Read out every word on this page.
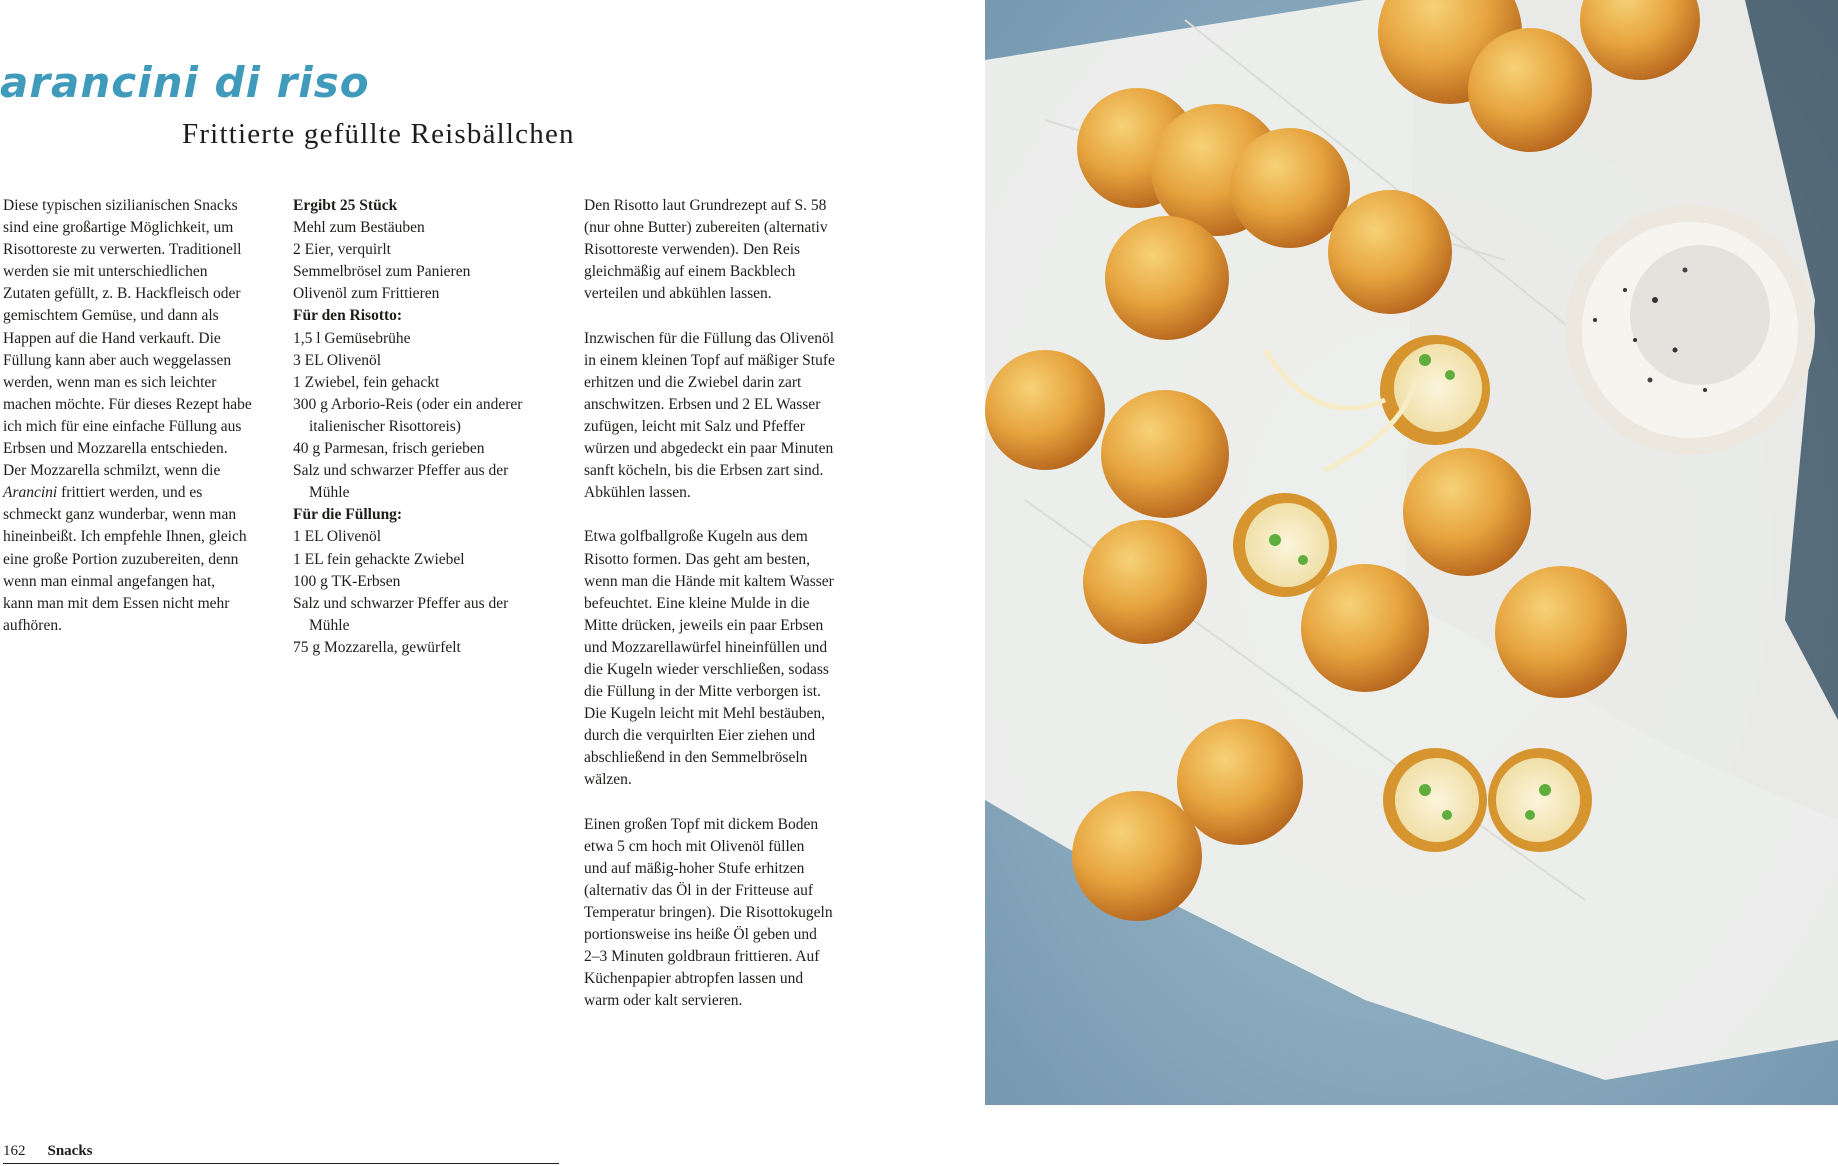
arancini di riso
Frittierte gefüllte Reisbällchen
Diese typischen sizilianischen Snacks
sind eine großartige Möglichkeit, um
Risottoreste zu verwerten. Traditionell
werden sie mit unterschiedlichen
Zutaten gefüllt, z. B. Hackfleisch oder
gemischtem Gemüse, und dann als
Happen auf die Hand verkauft. Die
Füllung kann aber auch weggelassen
werden, wenn man es sich leichter
machen möchte. Für dieses Rezept habe
ich mich für eine einfache Füllung aus
Erbsen und Mozzarella entschieden.
Der Mozzarella schmilzt, wenn die
Arancini frittiert werden, und es
schmeckt ganz wunderbar, wenn man
hineinbeißt. Ich empfehle Ihnen, gleich
eine große Portion zuzubereiten, denn
wenn man einmal angefangen hat,
kann man mit dem Essen nicht mehr
aufhören.
Ergibt 25 Stück
Mehl zum Bestäuben
2 Eier, verquirlt
Semmelbrösel zum Panieren
Olivenöl zum Frittieren
Für den Risotto:
1,5 l Gemüsebrühe
3 EL Olivenöl
1 Zwiebel, fein gehackt
300 g Arborio-Reis (oder ein anderer
italienischer Risottoreis)
40 g Parmesan, frisch gerieben
Salz und schwarzer Pfeffer aus der
Mühle
Für die Füllung:
1 EL Olivenöl
1 EL fein gehackte Zwiebel
100 g TK-Erbsen
Salz und schwarzer Pfeffer aus der
Mühle
75 g Mozzarella, gewürfelt
Den Risotto laut Grundrezept auf S. 58
(nur ohne Butter) zubereiten (alternativ
Risottoreste verwenden). Den Reis
gleichmäßig auf einem Backblech
verteilen und abkühlen lassen.
Inzwischen für die Füllung das Olivenöl
in einem kleinen Topf auf mäßiger Stufe
erhitzen und die Zwiebel darin zart
anschwitzen. Erbsen und 2 EL Wasser
zufügen, leicht mit Salz und Pfeffer
würzen und abgedeckt ein paar Minuten
sanft köcheln, bis die Erbsen zart sind.
Abkühlen lassen.
Etwa golfballgroße Kugeln aus dem
Risotto formen. Das geht am besten,
wenn man die Hände mit kaltem Wasser
befeuchtet. Eine kleine Mulde in die
Mitte drücken, jeweils ein paar Erbsen
und Mozzarellawürfel hineinfüllen und
die Kugeln wieder verschließen, sodass
die Füllung in der Mitte verborgen ist.
Die Kugeln leicht mit Mehl bestäuben,
durch die verquirlten Eier ziehen und
abschließend in den Semmelbröseln
wälzen.
Einen großen Topf mit dickem Boden
etwa 5 cm hoch mit Olivenöl füllen
und auf mäßig-hoher Stufe erhitzen
(alternativ das Öl in der Fritteuse auf
Temperatur bringen). Die Risottokugeln
portionsweise ins heiße Öl geben und
2–3 Minuten goldbraun frittieren. Auf
Küchenpapier abtropfen lassen und
warm oder kalt servieren.
162 Snacks
